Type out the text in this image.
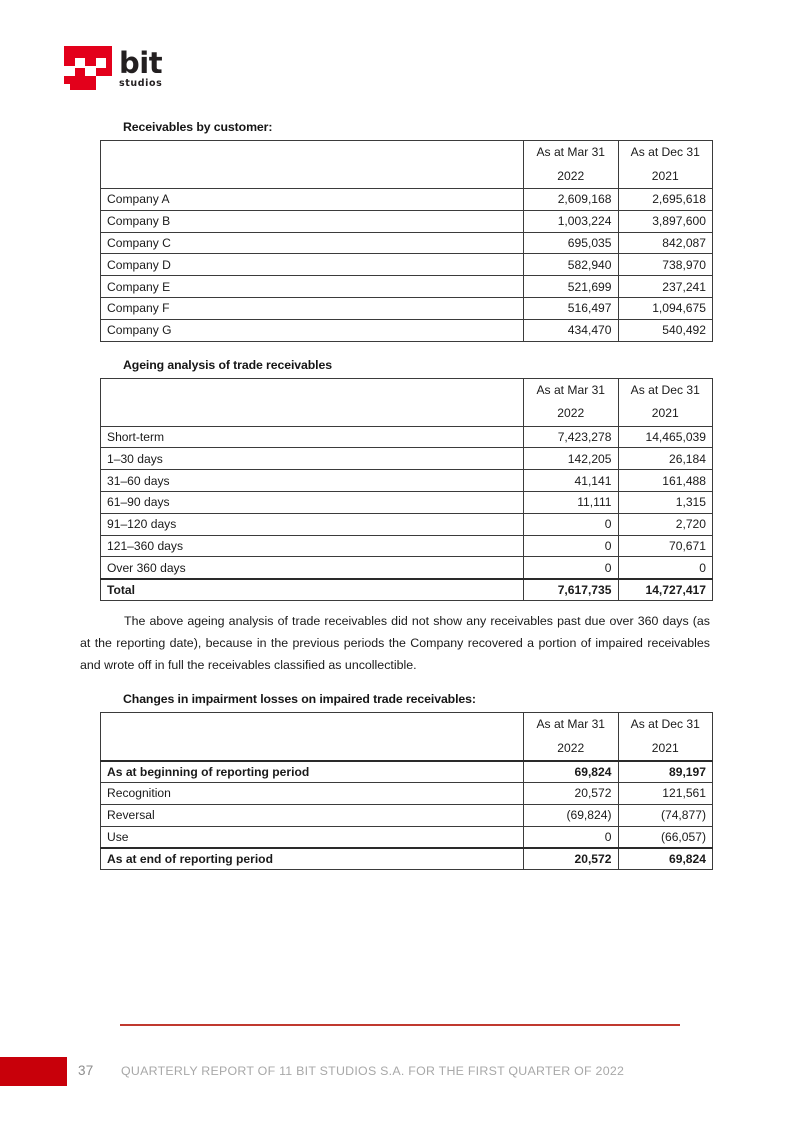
bit
studios
Receivables by customer:
	As at Mar 31	As at Dec 31
	2022	2021
Company A	2,609,168	2,695,618
Company B	1,003,224	3,897,600
Company C	695,035	842,087
Company D	582,940	738,970
Company E	521,699	237,241
Company F	516,497	1,094,675
Company G	434,470	540,492
Ageing analysis of trade receivables
	As at Mar 31	As at Dec 31
	2022	2021
Short-term	7,423,278	14,465,039
1–30 days	142,205	26,184
31–60 days	41,141	161,488
61–90 days	11,111	1,315
91–120 days	0	2,720
121–360 days	0	70,671
Over 360 days	0	0
Total	7,617,735	14,727,417

The above ageing analysis of trade receivables did not show any receivables past due over 360 days (as at the reporting date), because in the previous periods the Company recovered a portion of impaired receivables and wrote off in full the receivables classified as uncollectible.

Changes in impairment losses on impaired trade receivables:
	As at Mar 31	As at Dec 31
	2022	2021
As at beginning of reporting period	69,824	89,197
Recognition	20,572	121,561
Reversal	(69,824)	(74,877)
Use	0	(66,057)
As at end of reporting period	20,572	69,824
37 QUARTERLY REPORT OF 11 BIT STUDIOS S.A. FOR THE FIRST QUARTER OF 2022
